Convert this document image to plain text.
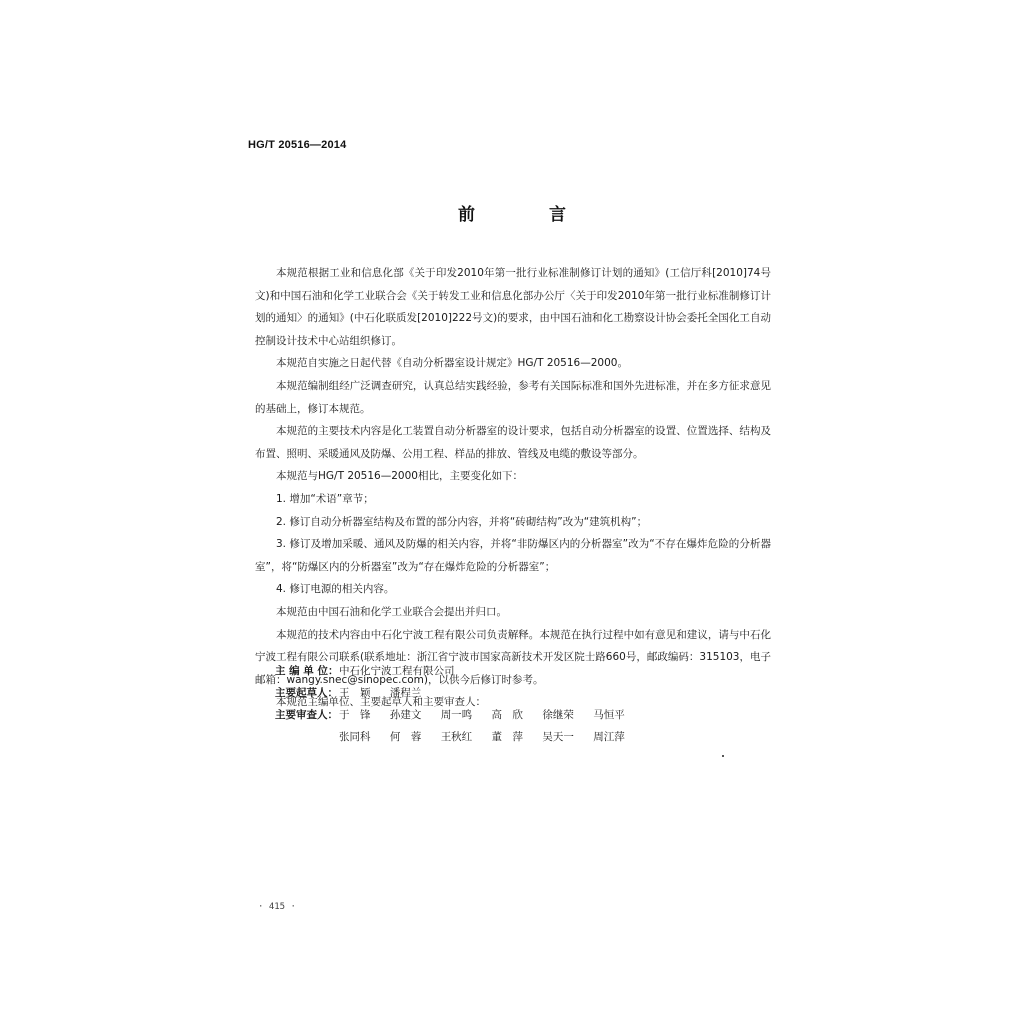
HG/T 20516—2014
前 言

本规范根据工业和信息化部《关于印发2010年第一批行业标准制修订计划的通知》(工信厅科[2010]74号文)和中国石油和化学工业联合会《关于转发工业和信息化部办公厅〈关于印发2010年第一批行业标准制修订计划的通知〉的通知》(中石化联质发[2010]222号文)的要求，由中国石油和化工勘察设计协会委托全国化工自动控制设计技术中心站组织修订。

本规范自实施之日起代替《自动分析器室设计规定》HG/T 20516—2000。

本规范编制组经广泛调查研究，认真总结实践经验，参考有关国际标准和国外先进标准，并在多方征求意见的基础上，修订本规范。

本规范的主要技术内容是化工装置自动分析器室的设计要求，包括自动分析器室的设置、位置选择、结构及布置、照明、采暖通风及防爆、公用工程、样品的排放、管线及电缆的敷设等部分。

本规范与HG/T 20516—2000相比，主要变化如下：

1. 增加“术语”章节；

2. 修订自动分析器室结构及布置的部分内容，并将“砖砌结构”改为“建筑机构”；

3. 修订及增加采暖、通风及防爆的相关内容，并将“非防爆区内的分析器室”改为“不存在爆炸危险的分析器室”，将“防爆区内的分析器室”改为“存在爆炸危险的分析器室”；

4. 修订电源的相关内容。

本规范由中国石油和化学工业联合会提出并归口。

本规范的技术内容由中石化宁波工程有限公司负责解释。本规范在执行过程中如有意见和建议，请与中石化宁波工程有限公司联系(联系地址：浙江省宁波市国家高新技术开发区院士路660号，邮政编码：315103，电子邮箱：wangy.snec@sinopec.com)，以供今后修订时参考。

本规范主编单位、主要起草人和主要审查人：

主 编 单 位： 中石化宁波工程有限公司
主要起草人： 王　颖 潘程兰
主要审查人： 于　锋 孙建文 周一鸣 高　欣 徐继荣 马恒平
张同科 何　蓉 王秋红 董　萍 吴天一 周江萍
· 415 ·
